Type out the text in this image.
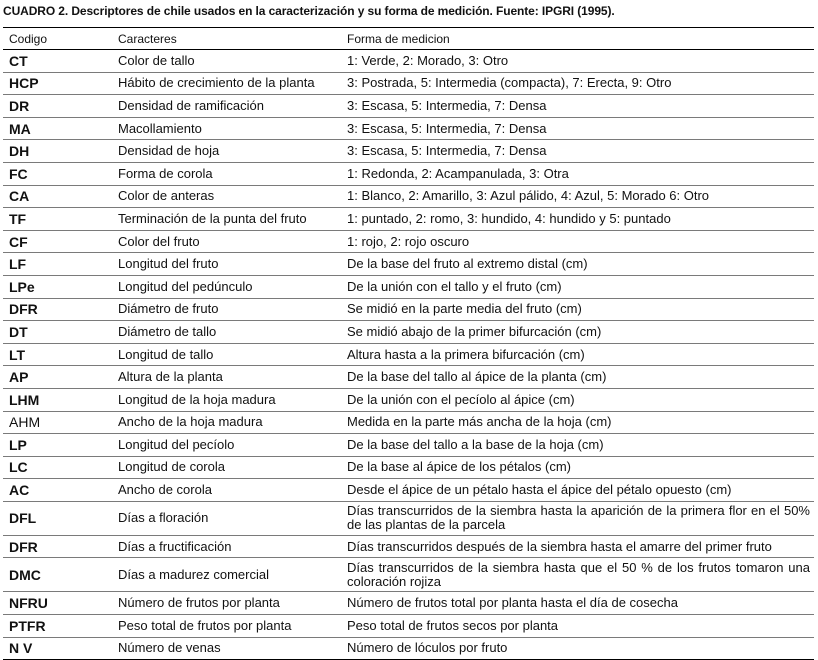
CUADRO 2. Descriptores de chile usados en la caracterización y su forma de medición. Fuente: IPGRI (1995).
Codigo	Caracteres	Forma de medicion
CT	Color de tallo	1: Verde, 2: Morado, 3: Otro
HCP	Hábito de crecimiento de la planta	3: Postrada, 5: Intermedia (compacta), 7: Erecta, 9: Otro
DR	Densidad de ramificación	3: Escasa, 5: Intermedia, 7: Densa
MA	Macollamiento	3: Escasa, 5: Intermedia, 7: Densa
DH	Densidad de hoja	3: Escasa, 5: Intermedia, 7: Densa
FC	Forma de corola	1: Redonda, 2: Acampanulada, 3: Otra
CA	Color de anteras	1: Blanco, 2: Amarillo, 3: Azul pálido, 4: Azul, 5: Morado 6: Otro
TF	Terminación de la punta del fruto	1: puntado, 2: romo, 3: hundido, 4: hundido y 5: puntado
CF	Color del fruto	1: rojo, 2: rojo oscuro
LF	Longitud del fruto	De la base del fruto al extremo distal (cm)
LPe	Longitud del pedúnculo	De la unión con el tallo y el fruto (cm)
DFR	Diámetro de fruto	Se midió en la parte media del fruto (cm)
DT	Diámetro de tallo	Se midió abajo de la primer bifurcación (cm)
LT	Longitud de tallo	Altura hasta a la primera bifurcación (cm)
AP	Altura de la planta	De la base del tallo al ápice de la planta (cm)
LHM	Longitud de la hoja madura	De la unión con el pecíolo al ápice (cm)
AHM	Ancho de la hoja madura	Medida en la parte más ancha de la hoja (cm)
LP	Longitud del pecíolo	De la base del tallo a la base de la hoja (cm)
LC	Longitud de corola	De la base al ápice de los pétalos (cm)
AC	Ancho de corola	Desde el ápice de un pétalo hasta el ápice del pétalo opuesto (cm)
DFL	Días a floración	Días transcurridos de la siembra hasta la aparición de la primera flor en el 50% de las plantas de la parcela
DFR	Días a fructificación	Días transcurridos después de la siembra hasta el amarre del primer fruto
DMC	Días a madurez comercial	Días transcurridos de la siembra hasta que el 50 % de los frutos tomaron una coloración rojiza
NFRU	Número de frutos por planta	Número de frutos total por planta hasta el día de cosecha
PTFR	Peso total de frutos por planta	Peso total de frutos secos por planta
N V	Número de venas	Número de lóculos por fruto
